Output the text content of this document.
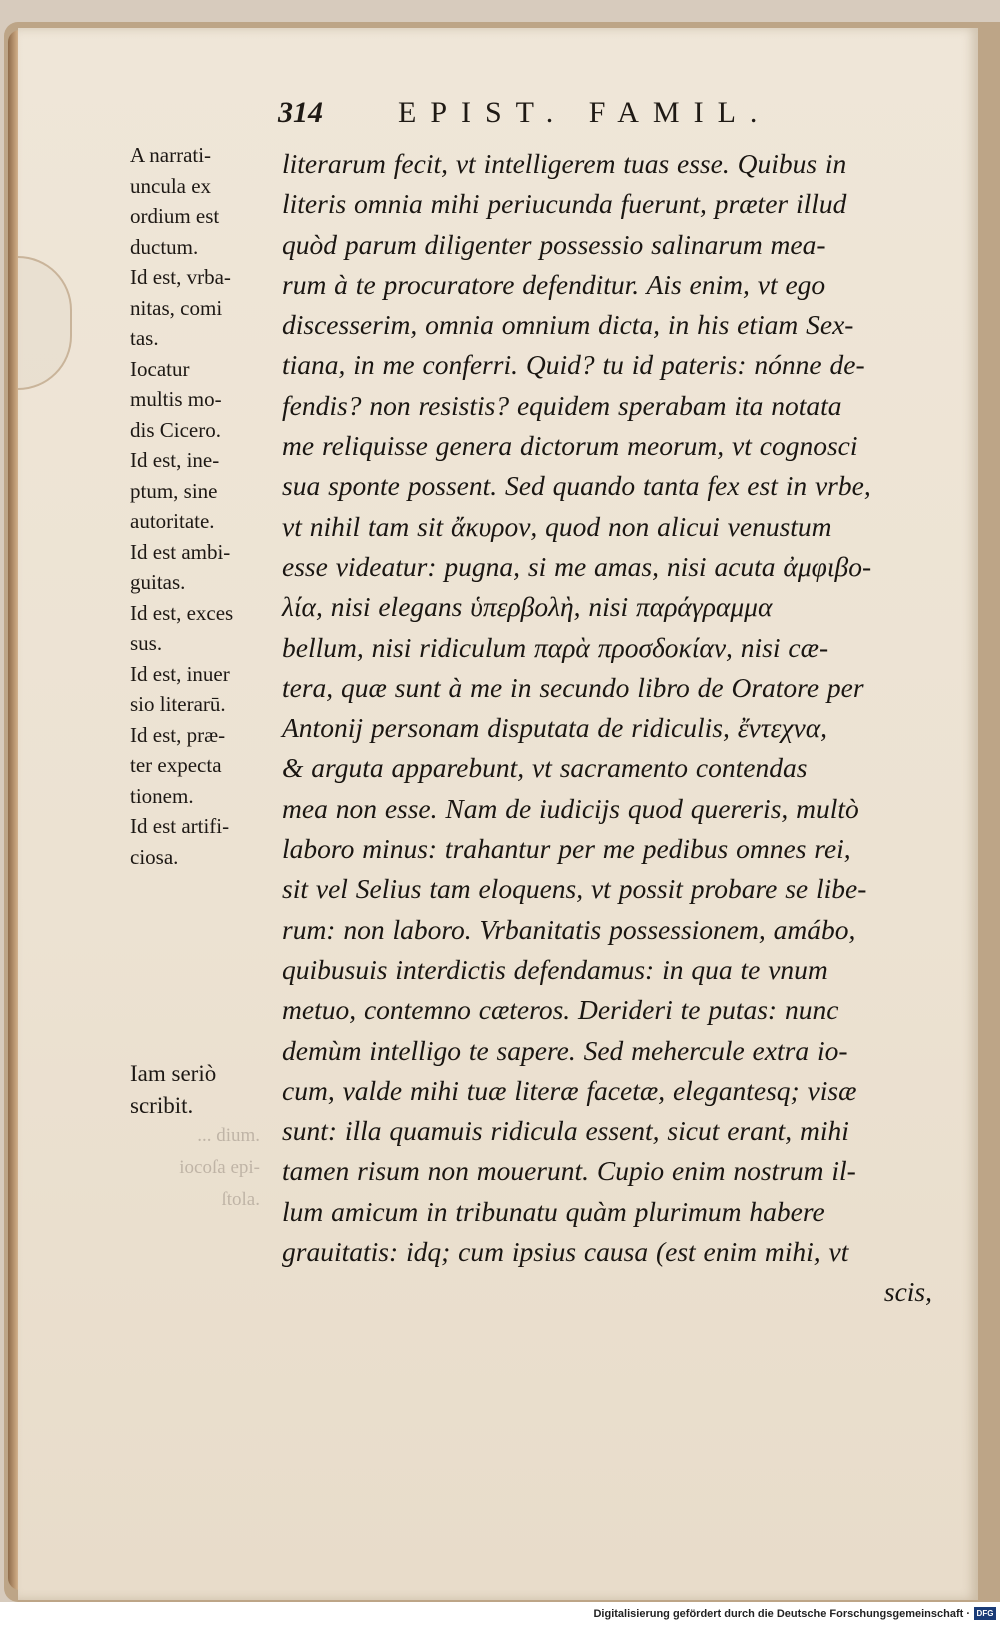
314	EPIST. FAMIL.
A narrati-
uncula ex
ordium est
ductum.
Id est, vrba-
nitas, comi
tas.
Iocatur
multis mo-
dis Cicero.
Id est, ine-
ptum, sine
autoritate.
Id est ambi-
guitas.
Id est, exces
sus.
Id est, inuer
sio literarū.
Id est, præ-
ter expecta
tionem.
Id est artifi-
ciosa.
Iam seriò
scribit.
... dium.
iocoſa epi-
ſtola.
literarum fecit, vt intelligerem tuas esse. Quibus in
literis omnia mihi periucunda fuerunt, præter illud
quòd parum diligenter possessio salinarum mea-
rum à te procuratore defenditur. Ais enim, vt ego
discesserim, omnia omnium dicta, in his etiam Sex-
tiana, in me conferri. Quid? tu id pateris: nónne de-
fendis? non resistis? equidem sperabam ita notata
me reliquisse genera dictorum meorum, vt cognosci
sua sponte possent. Sed quando tanta fex est in vrbe,
vt nihil tam sit ἄκυρον, quod non alicui venustum
esse videatur: pugna, si me amas, nisi acuta ἀμφιβο-
λία, nisi elegans ὑπερβολὴ, nisi παράγραμμα
bellum, nisi ridiculum παρὰ προσδοκίαν, nisi cæ-
tera, quæ sunt à me in secundo libro de Oratore per
Antonij personam disputata de ridiculis, ἔντεχνα,
& arguta apparebunt, vt sacramento contendas
mea non esse. Nam de iudicijs quod quereris, multò
laboro minus: trahantur per me pedibus omnes rei,
sit vel Selius tam eloquens, vt possit probare se libe-
rum: non laboro. Vrbanitatis possessionem, amábo,
quibusuis interdictis defendamus: in qua te vnum
metuo, contemno cæteros. Derideri te putas: nunc
demùm intelligo te sapere. Sed mehercule extra io-
cum, valde mihi tuæ literæ facetæ, elegantesq; visæ
sunt: illa quamuis ridicula essent, sicut erant, mihi
tamen risum non mouerunt. Cupio enim nostrum il-
lum amicum in tribunatu quàm plurimum habere
grauitatis: idq; cum ipsius causa (est enim mihi, vt
scis,
Digitalisierung gefördert durch die Deutsche Forschungsgemeinschaft · DFG
